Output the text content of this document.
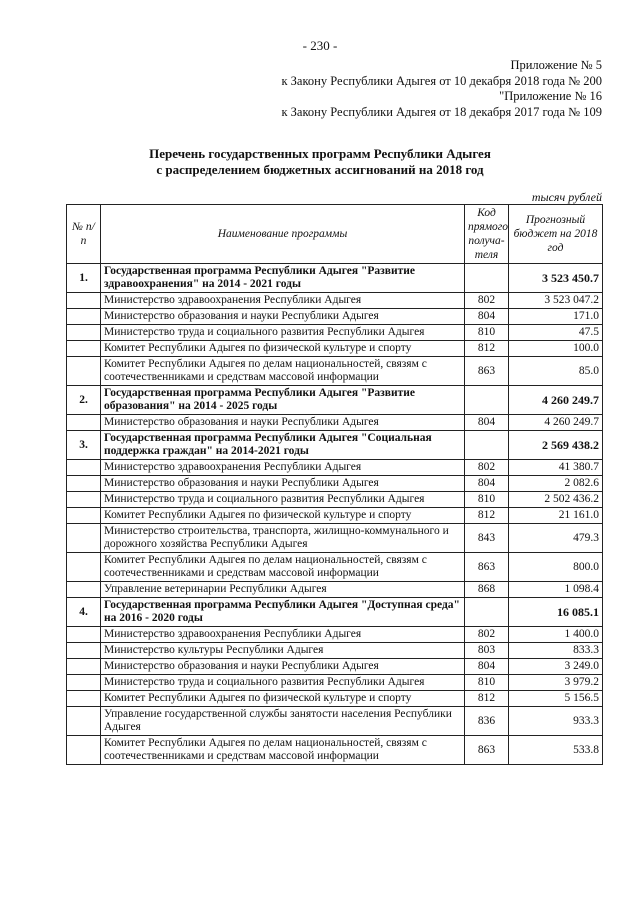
- 230 -
Приложение № 5
к Закону Республики Адыгея от 10 декабря 2018 года № 200
"Приложение № 16
к Закону Республики Адыгея от 18 декабря 2017 года № 109
Перечень государственных программ Республики Адыгея
с распределением бюджетных ассигнований на 2018 год
тысяч рублей
№ п/п	Наименование программы	Код прямого получа-теля	Прогнозный бюджет на 2018 год
1.	Государственная программа Республики Адыгея "Развитие здравоохранения" на 2014 - 2021 годы		3 523 450.7
	Министерство здравоохранения Республики Адыгея	802	3 523 047.2
	Министерство образования и науки Республики Адыгея	804	171.0
	Министерство труда и социального развития Республики Адыгея	810	47.5
	Комитет Республики Адыгея по физической культуре и спорту	812	100.0
	Комитет Республики Адыгея по делам национальностей, связям с соотечественниками и средствам массовой информации	863	85.0
2.	Государственная программа Республики Адыгея "Развитие образования" на 2014 - 2025 годы		4 260 249.7
	Министерство образования и науки Республики Адыгея	804	4 260 249.7
3.	Государственная программа Республики Адыгея "Социальная поддержка граждан" на 2014-2021 годы		2 569 438.2
	Министерство здравоохранения Республики Адыгея	802	41 380.7
	Министерство образования и науки Республики Адыгея	804	2 082.6
	Министерство труда и социального развития Республики Адыгея	810	2 502 436.2
	Комитет Республики Адыгея по физической культуре и спорту	812	21 161.0
	Министерство строительства, транспорта, жилищно-коммунального и дорожного хозяйства Республики Адыгея	843	479.3
	Комитет Республики Адыгея по делам национальностей, связям с соотечественниками и средствам массовой информации	863	800.0
	Управление ветеринарии Республики Адыгея	868	1 098.4
4.	Государственная программа Республики Адыгея "Доступная среда" на 2016 - 2020 годы		16 085.1
	Министерство здравоохранения Республики Адыгея	802	1 400.0
	Министерство культуры Республики Адыгея	803	833.3
	Министерство образования и науки Республики Адыгея	804	3 249.0
	Министерство труда и социального развития Республики Адыгея	810	3 979.2
	Комитет Республики Адыгея по физической культуре и спорту	812	5 156.5
	Управление государственной службы занятости населения Республики Адыгея	836	933.3
	Комитет Республики Адыгея по делам национальностей, связям с соотечественниками и средствам массовой информации	863	533.8
